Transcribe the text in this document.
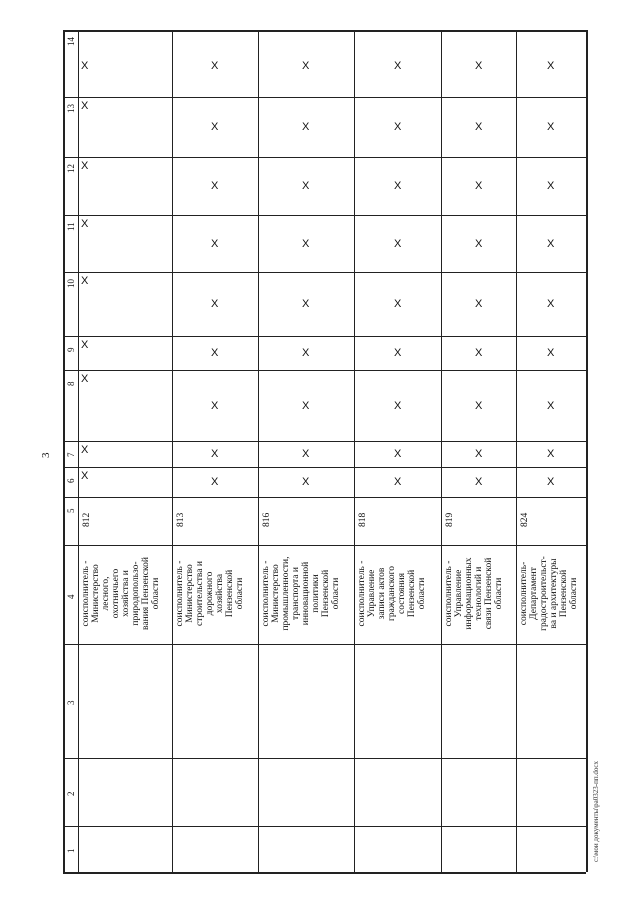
3
c:\мои документы\ра0323-пп.docx
14
13
12
11
10
9
8
7
6
5
4
3
2
1
соисполнитель -
Министерство
лесного,
охотничьего
хозяйства и
природопользо-
вания Пензенской
области
812
X
X
X
X
X
X
X
X
X
соисполнитель -
Министерство
строительства и
дорожного
хозяйства
Пензенской
области
813
X
X
X
X
X
X
X
X
X
соисполнитель -
Министерство
промышленности,
транспорта и
инновационной
политики
Пензенской
области
816
X
X
X
X
X
X
X
X
X
соисполнитель -
Управление
записи актов
гражданского
состояния
Пензенской
области
818
X
X
X
X
X
X
X
X
X
соисполнитель -
Управление
информационных
технологий и
связи Пензенской
области
819
X
X
X
X
X
X
X
X
X
соисполнитель-
Департамент
градостроительст-
ва и архитектуры
Пензенской
области
824
X
X
X
X
X
X
X
X
X
